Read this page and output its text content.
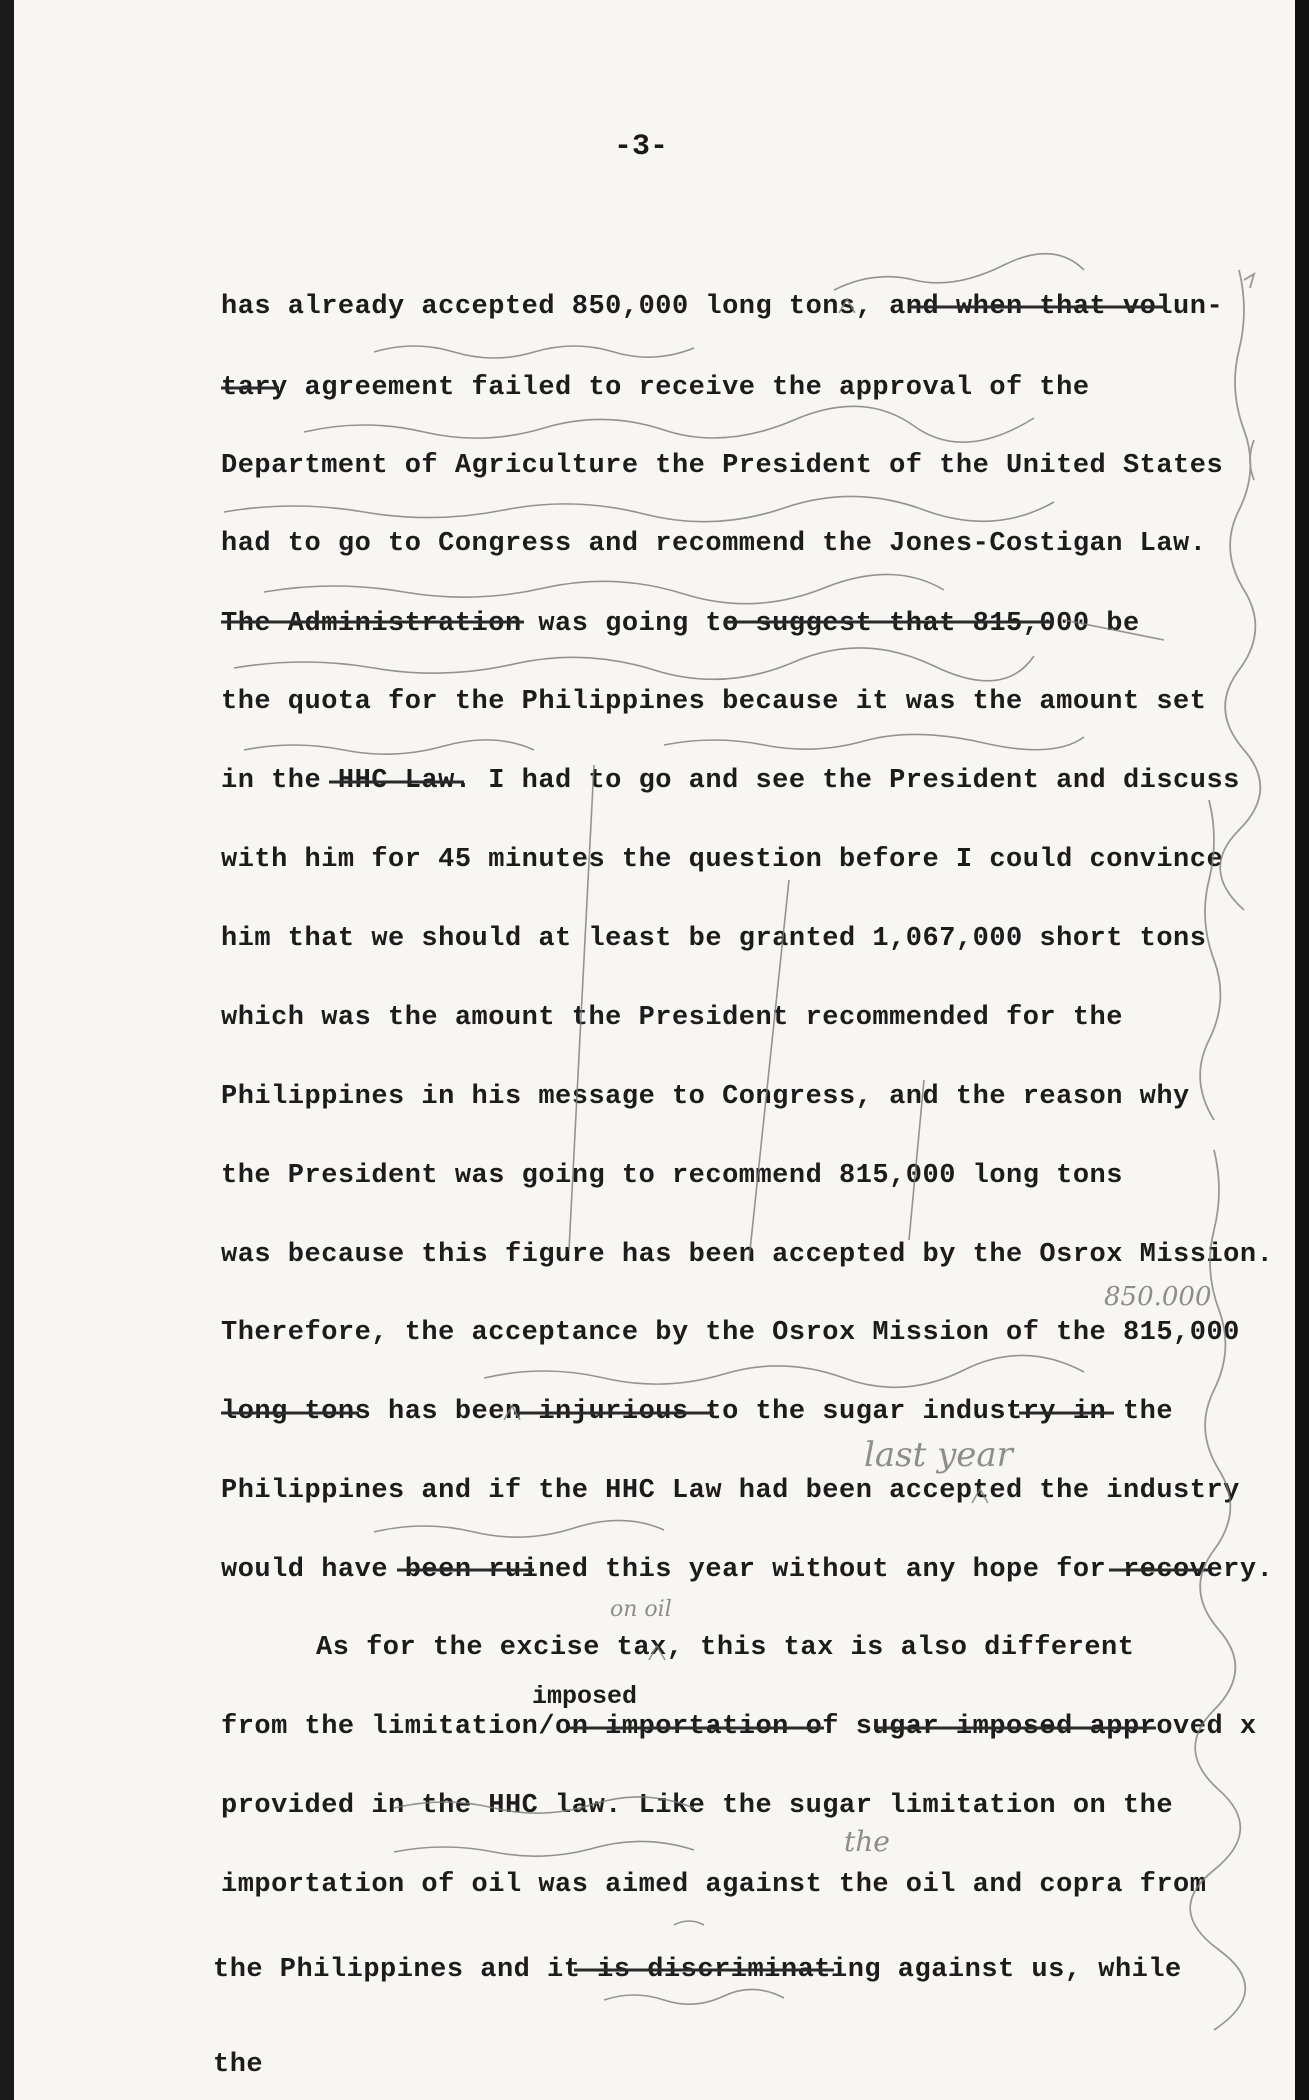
-3-
has already accepted 850,000 long tons, and when that volun-
tary agreement failed to receive the approval of the
Department of Agriculture the President of the United States
had to go to Congress and recommend the Jones-Costigan Law.
The Administration was going to suggest that 815,000 be
the quota for the Philippines because it was the amount set
in the HHC Law. I had to go and see the President and discuss
with him for 45 minutes the question before I could convince
him that we should at least be granted 1,067,000 short tons
which was the amount the President recommended for the
Philippines in his message to Congress, and the reason why
the President was going to recommend 815,000 long tons
was because this figure has been accepted by the Osrox Mission.
Therefore, the acceptance by the Osrox Mission of the 815,000
long tons has been injurious to the sugar industry in the
Philippines and if the HHC Law had been accepted the industry
would have been ruined this year without any hope for recovery.
As for the excise tax, this tax is also different
from the limitation/on importation of sugar imposed approved x
provided in the HHC law. Like the sugar limitation on the
importation of oil was aimed against the oil and copra from
the Philippines and it is discriminating against us, while
the
imposed
on oil
850.000
last year
the
